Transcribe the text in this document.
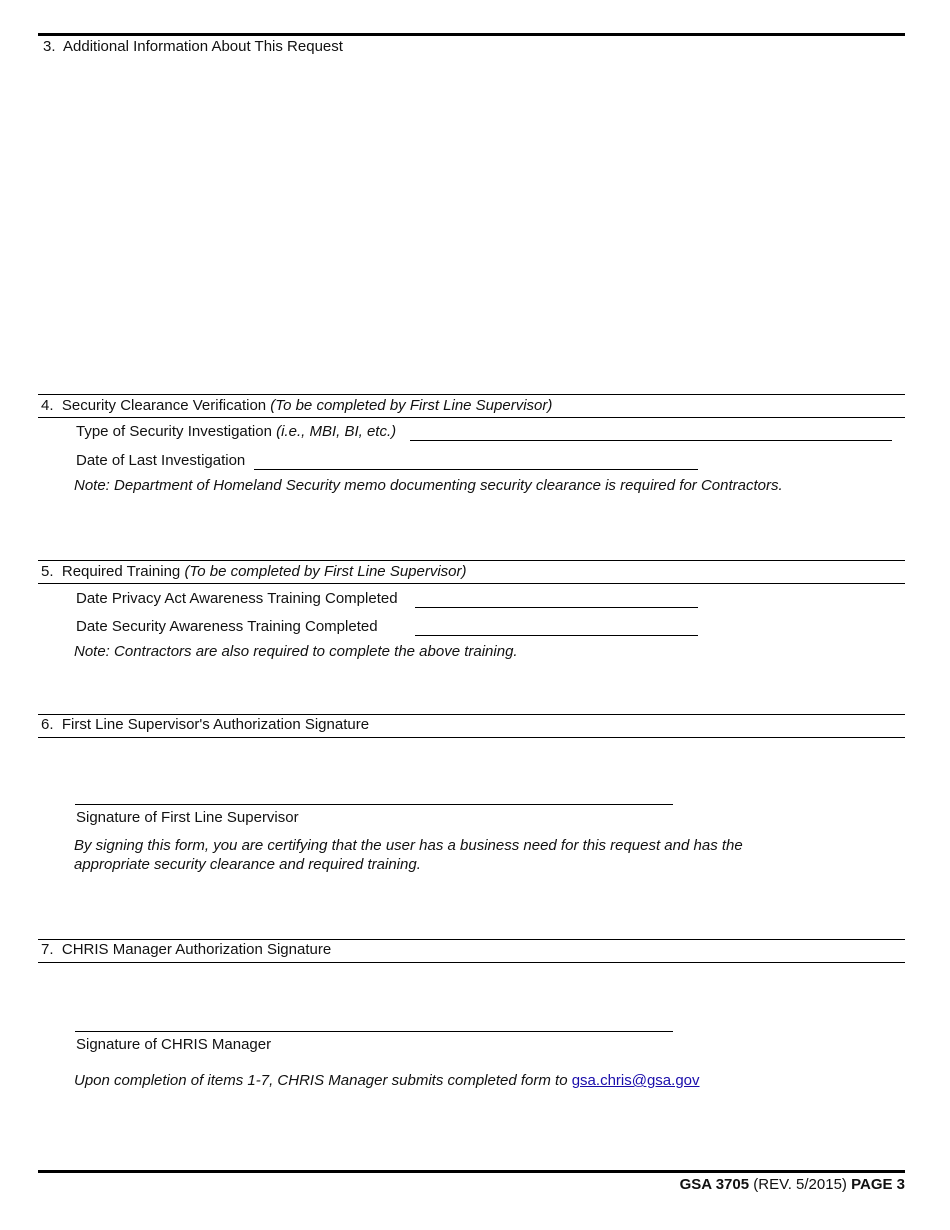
3. Additional Information About This Request
4. Security Clearance Verification (To be completed by First Line Supervisor)
Type of Security Investigation (i.e., MBI, BI, etc.)
Date of Last Investigation
Note: Department of Homeland Security memo documenting security clearance is required for Contractors.
5. Required Training (To be completed by First Line Supervisor)
Date Privacy Act Awareness Training Completed
Date Security Awareness Training Completed
Note: Contractors are also required to complete the above training.
6. First Line Supervisor's Authorization Signature
Signature of First Line Supervisor
By signing this form, you are certifying that the user has a business need for this request and has the
appropriate security clearance and required training.
7. CHRIS Manager Authorization Signature
Signature of CHRIS Manager
Upon completion of items 1-7, CHRIS Manager submits completed form to gsa.chris@gsa.gov
GSA 3705 (REV. 5/2015) PAGE 3
